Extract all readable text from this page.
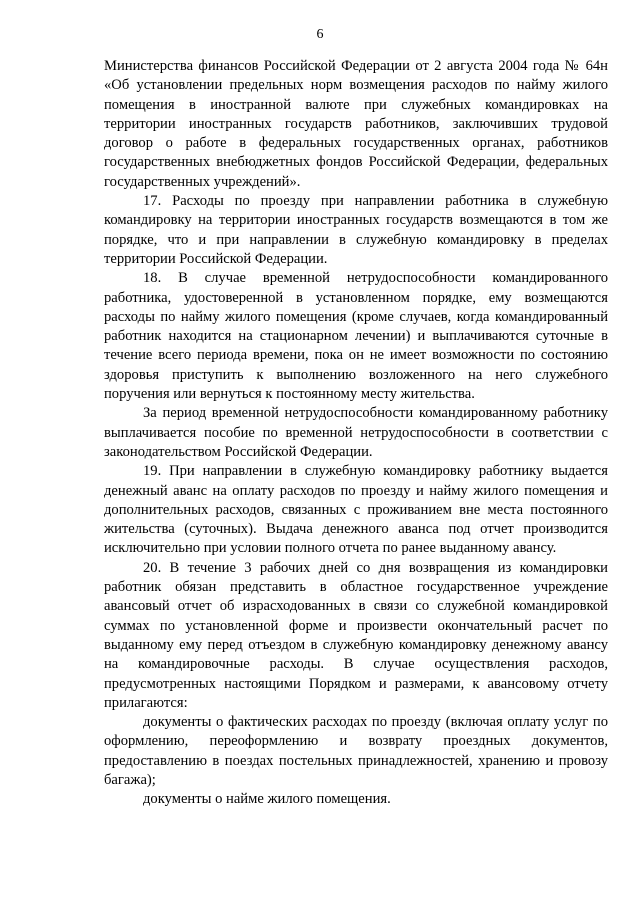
6

Министерства финансов Российской Федерации от 2 августа 2004 года № 64н «Об установлении предельных норм возмещения расходов по найму жилого помещения в иностранной валюте при служебных командировках на территории иностранных государств работников, заключивших трудовой договор о работе в федеральных государственных органах, работников государственных внебюджетных фондов Российской Федерации, федеральных государственных учреждений».

17. Расходы по проезду при направлении работника в служебную командировку на территории иностранных государств возмещаются в том же порядке, что и при направлении в служебную командировку в пределах территории Российской Федерации.

18. В случае временной нетрудоспособности командированного работника, удостоверенной в установленном порядке, ему возмещаются расходы по найму жилого помещения (кроме случаев, когда командированный работник находится на стационарном лечении) и выплачиваются суточные в течение всего периода времени, пока он не имеет возможности по состоянию здоровья приступить к выполнению возложенного на него служебного поручения или вернуться к постоянному месту жительства.

За период временной нетрудоспособности командированному работнику выплачивается пособие по временной нетрудоспособности в соответствии с законодательством Российской Федерации.

19. При направлении в служебную командировку работнику выдается денежный аванс на оплату расходов по проезду и найму жилого помещения и дополнительных расходов, связанных с проживанием вне места постоянного жительства (суточных). Выдача денежного аванса под отчет производится исключительно при условии полного отчета по ранее выданному авансу.

20. В течение 3 рабочих дней со дня возвращения из командировки работник обязан представить в областное государственное учреждение авансовый отчет об израсходованных в связи со служебной командировкой суммах по установленной форме и произвести окончательный расчет по выданному ему перед отъездом в служебную командировку денежному авансу на командировочные расходы. В случае осуществления расходов, предусмотренных настоящими Порядком и размерами, к авансовому отчету прилагаются:

документы о фактических расходах по проезду (включая оплату услуг по оформлению, переоформлению и возврату проездных документов, предоставлению в поездах постельных принадлежностей, хранению и провозу багажа);

документы о найме жилого помещения.
